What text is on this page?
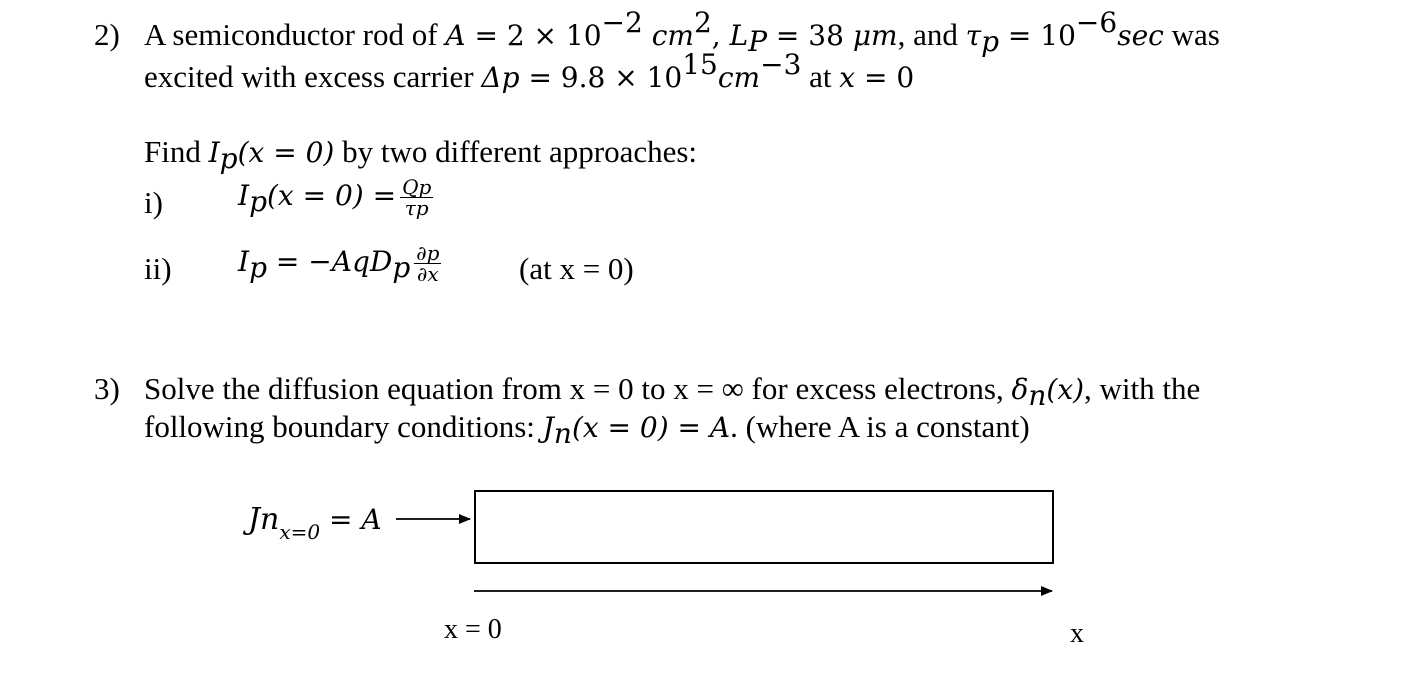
2) A semiconductor rod of $A = 2 \times 10^{-2}$ $cm^2$, $L_P = 38$ μm, and $\tau_p = 10^{-6}\sec$ was
excited with excess carrier $\Delta p = 9.8 \times 10^{15}cm^{-3}$ at x = 0
Find $I_p(x = 0)$ by two different approaches:
i)	$I_p(x = 0) = \frac{Qp}{\tau p}$
ii) $I_p = -AqD_p \frac{\partial p}{\partial x}$	(at x = 0)
3) Solve the diffusion equation from x = 0 to x = ∞ for excess electrons, $\delta_n(x)$, with the
following boundary conditions: $J_n(x = 0) = A$. (where A is a constant)
$Jn_{x=0} = A$
x = 0	x
